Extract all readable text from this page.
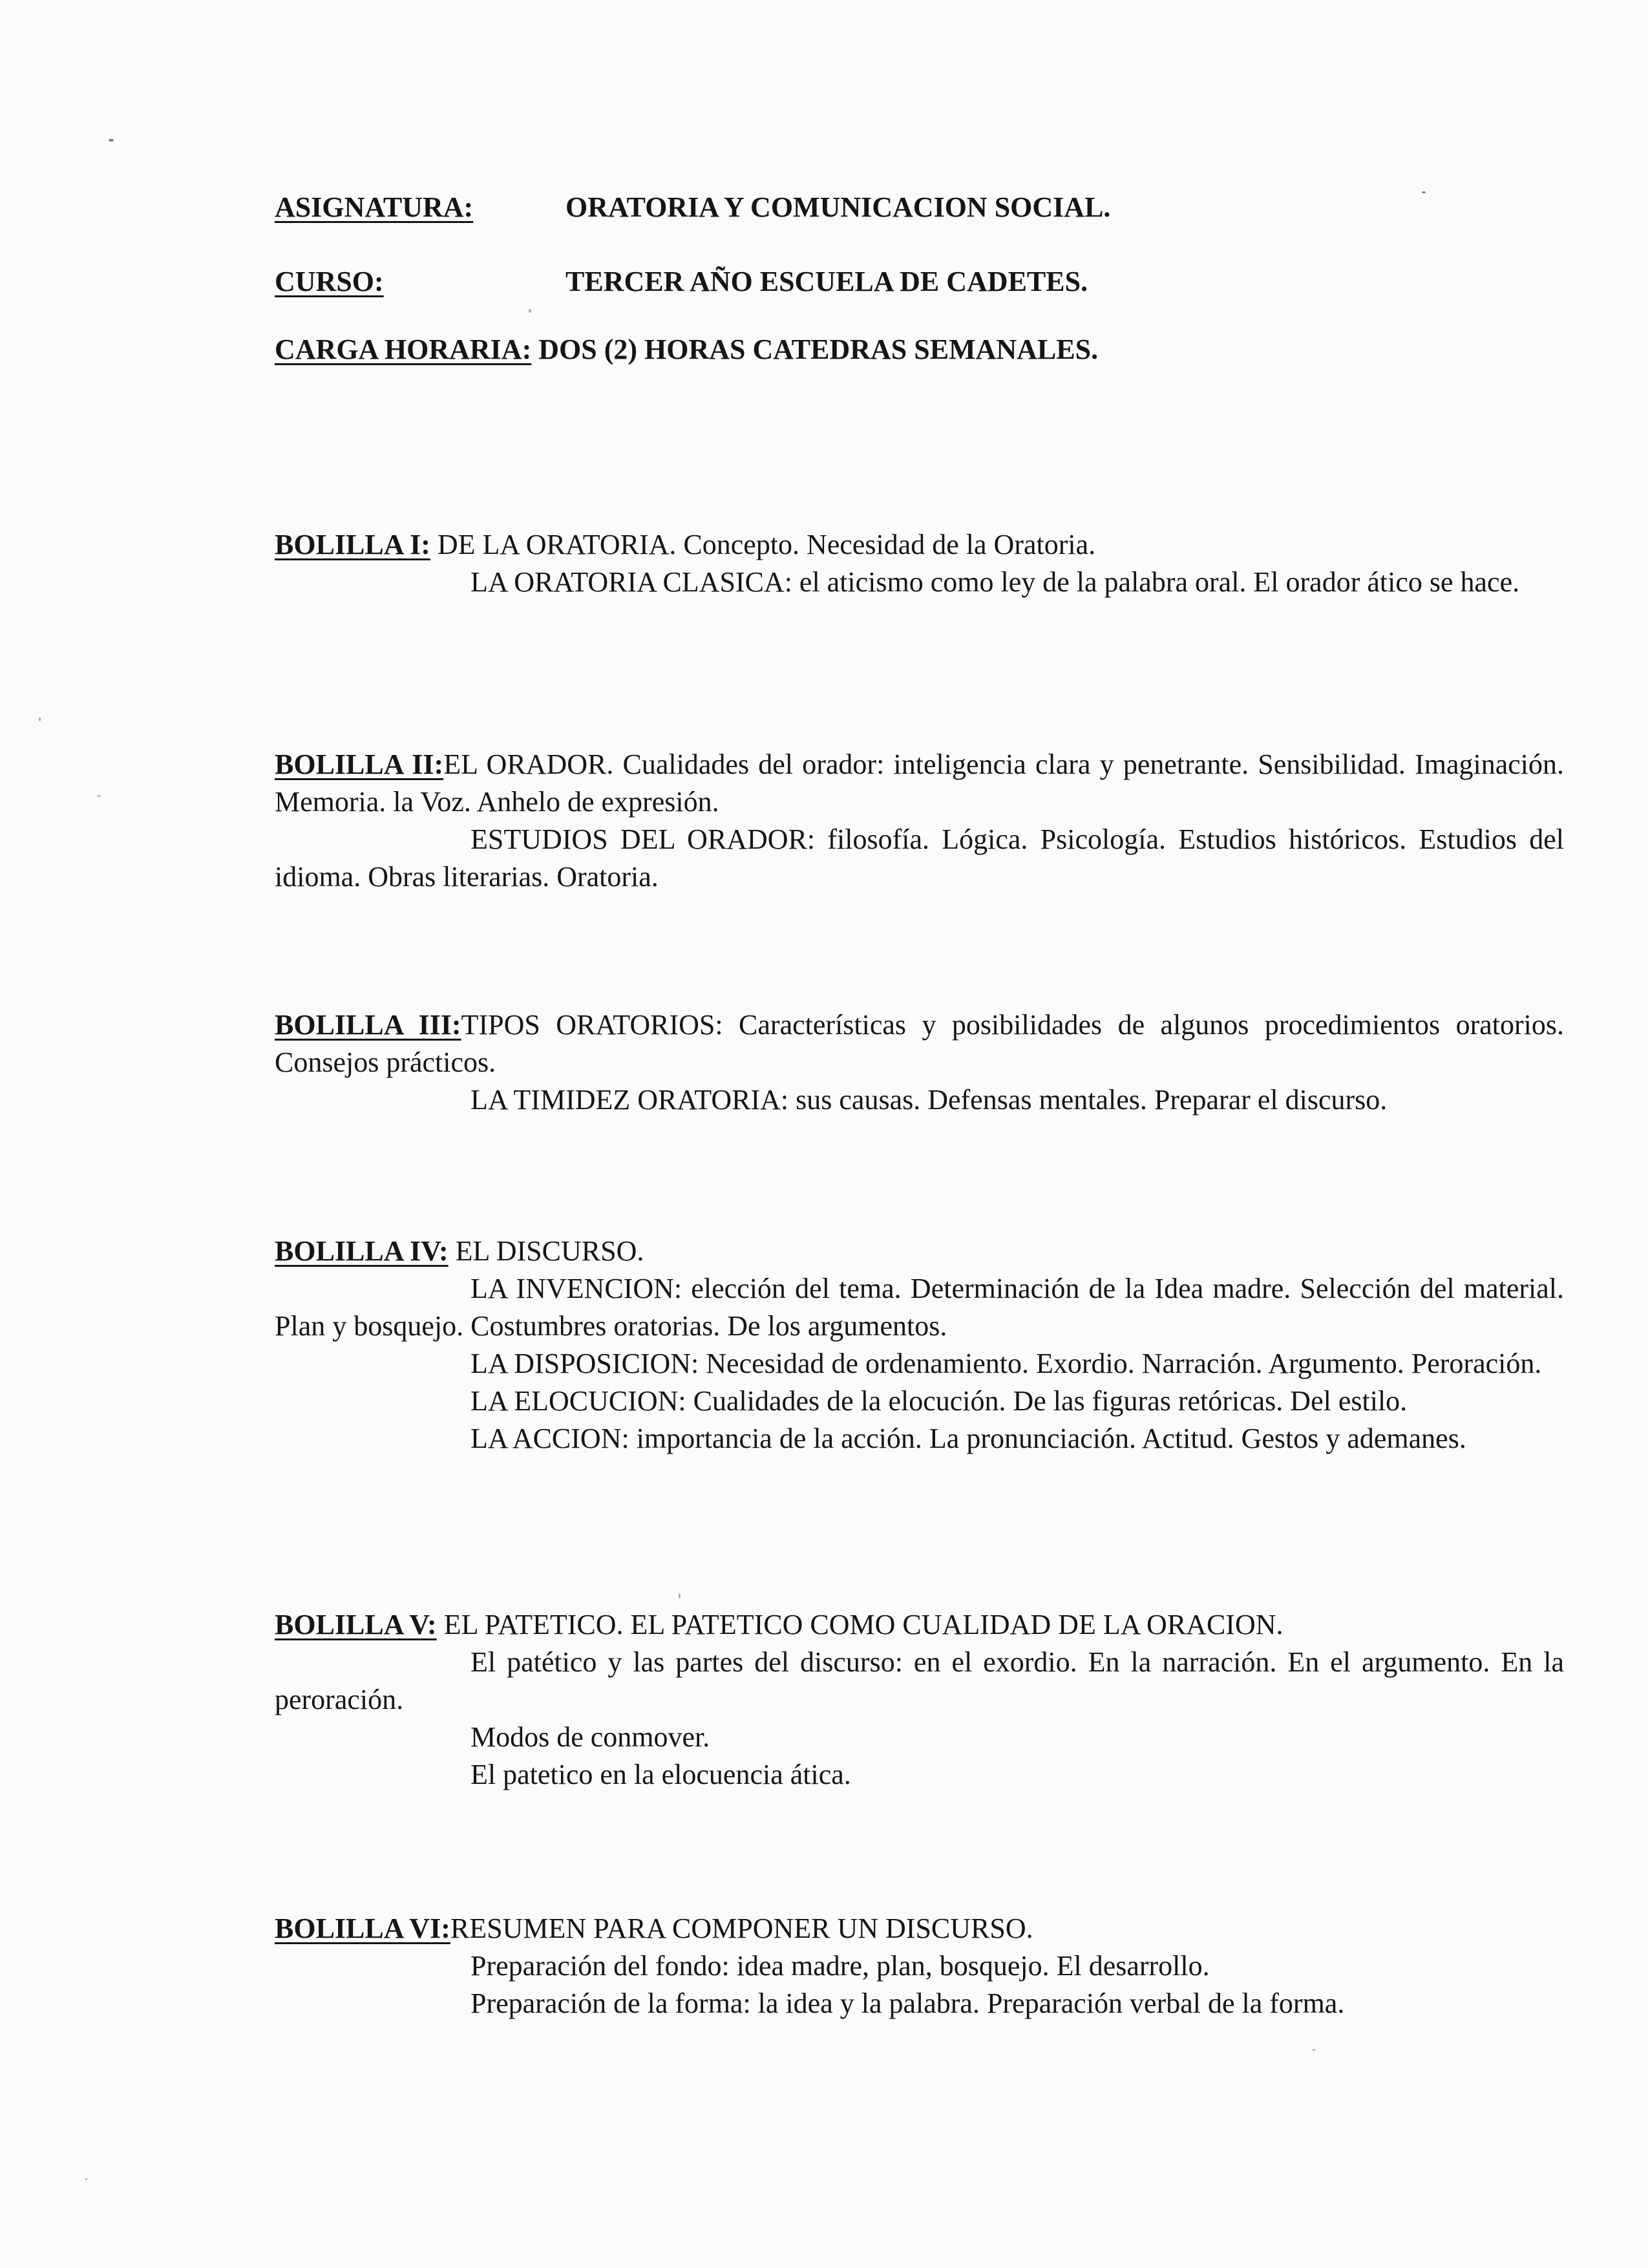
ASIGNATURA:	ORATORIA Y COMUNICACION SOCIAL.
CURSO:	TERCER AÑO ESCUELA DE CADETES.
CARGA HORARIA: DOS (2) HORAS CATEDRAS SEMANALES.

BOLILLA I: DE LA ORATORIA. Concepto. Necesidad de la Oratoria.

LA ORATORIA CLASICA: el aticismo como ley de la palabra oral. El orador ático se hace.

BOLILLA II:EL ORADOR. Cualidades del orador: inteligencia clara y penetrante. Sensibilidad. Imaginación. Memoria. la Voz. Anhelo de expresión.

ESTUDIOS DEL ORADOR: filosofía. Lógica. Psicología. Estudios históricos. Estudios del idioma. Obras literarias. Oratoria.

BOLILLA III:TIPOS ORATORIOS: Características y posibilidades de algunos procedimientos oratorios. Consejos prácticos.

LA TIMIDEZ ORATORIA: sus causas. Defensas mentales. Preparar el discurso.

BOLILLA IV: EL DISCURSO.

LA INVENCION: elección del tema. Determinación de la Idea madre. Selección del material. Plan y bosquejo. Costumbres oratorias. De los argumentos.

LA DISPOSICION: Necesidad de ordenamiento. Exordio. Narración. Argumento. Peroración.

LA ELOCUCION: Cualidades de la elocución. De las figuras retóricas. Del estilo.

LA ACCION: importancia de la acción. La pronunciación. Actitud. Gestos y ademanes.

BOLILLA V: EL PATETICO. EL PATETICO COMO CUALIDAD DE LA ORACION.

El patético y las partes del discurso: en el exordio. En la narración. En el argumento. En la peroración.

Modos de conmover.

El patetico en la elocuencia ática.

BOLILLA VI:RESUMEN PARA COMPONER UN DISCURSO.

Preparación del fondo: idea madre, plan, bosquejo. El desarrollo.

Preparación de la forma: la idea y la palabra. Preparación verbal de la forma.
